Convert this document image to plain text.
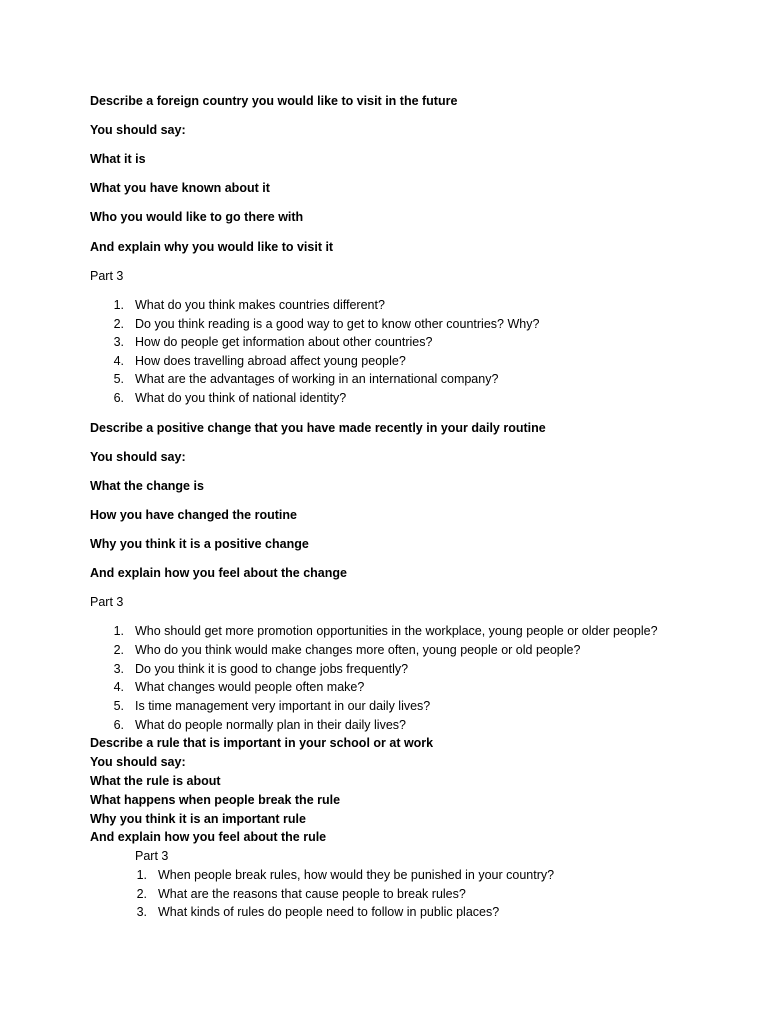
Describe a foreign country you would like to visit in the future
You should say:
What it is
What you have known about it
Who you would like to go there with
And explain why you would like to visit it
Part 3
1. What do you think makes countries different?
2. Do you think reading is a good way to get to know other countries? Why?
3. How do people get information about other countries?
4. How does travelling abroad affect young people?
5. What are the advantages of working in an international company?
6. What do you think of national identity?
Describe a positive change that you have made recently in your daily routine
You should say:
What the change is
How you have changed the routine
Why you think it is a positive change
And explain how you feel about the change
Part 3
1. Who should get more promotion opportunities in the workplace, young people or older people?
2. Who do you think would make changes more often, young people or old people?
3. Do you think it is good to change jobs frequently?
4. What changes would people often make?
5. Is time management very important in our daily lives?
6. What do people normally plan in their daily lives?
Describe a rule that is important in your school or at work
You should say:
What the rule is about
What happens when people break the rule
Why you think it is an important rule
And explain how you feel about the rule
Part 3
1. When people break rules, how would they be punished in your country?
2. What are the reasons that cause people to break rules?
3. What kinds of rules do people need to follow in public places?
